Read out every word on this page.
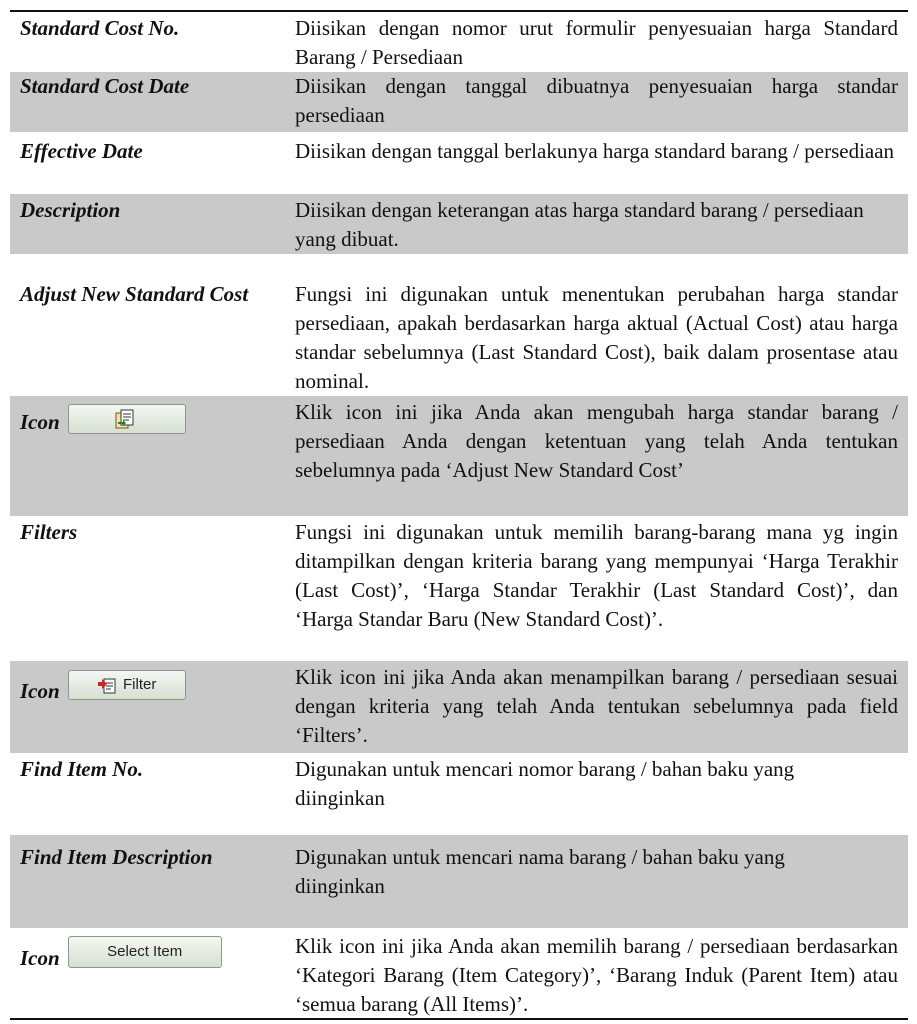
Standard Cost No.	Diisikan dengan nomor urut formulir penyesuaian harga Standard Barang / Persediaan
Standard Cost Date	Diisikan dengan tanggal dibuatnya penyesuaian harga standar persediaan
Effective Date	Diisikan dengan tanggal berlakunya harga standard barang / persediaan
Description	Diisikan dengan keterangan atas harga standard barang / persediaan yang dibuat.
Adjust New Standard Cost	Fungsi ini digunakan untuk menentukan perubahan harga standar persediaan, apakah berdasarkan harga aktual (Actual Cost) atau harga standar sebelumnya (Last Standard Cost), baik dalam prosentase atau nominal.
Icon	Klik icon ini jika Anda akan mengubah harga standar barang / persediaan Anda dengan ketentuan yang telah Anda tentukan sebelumnya pada ‘Adjust New Standard Cost’
Filters	Fungsi ini digunakan untuk memilih barang-barang mana yg ingin ditampilkan dengan kriteria barang yang mempunyai ‘Harga Terakhir (Last Cost)’, ‘Harga Standar Terakhir (Last Standard Cost)’, dan ‘Harga Standar Baru (New Standard Cost)’.
Icon	Filter	Klik icon ini jika Anda akan menampilkan barang / persediaan sesuai dengan kriteria yang telah Anda tentukan sebelumnya pada field ‘Filters’.
Find Item No.	Digunakan untuk mencari nomor barang / bahan baku yang diinginkan
Find Item Description	Digunakan untuk mencari nama barang / bahan baku yang diinginkan
Icon	Select Item	Klik icon ini jika Anda akan memilih barang / persediaan berdasarkan ‘Kategori Barang (Item Category)’, ‘Barang Induk (Parent Item) atau ‘semua barang (All Items)’.
